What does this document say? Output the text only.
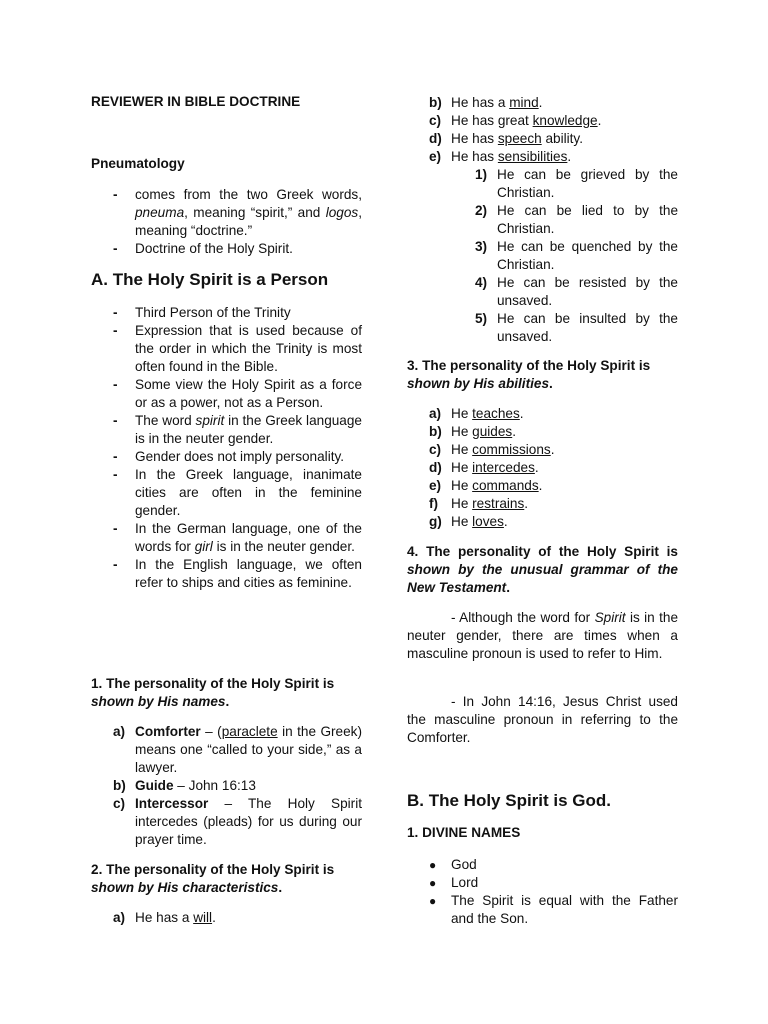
REVIEWER IN BIBLE DOCTRINE

Pneumatology

- comes from the two Greek words, pneuma, meaning “spirit,” and logos, meaning “doctrine.”
- Doctrine of the Holy Spirit.
A. The Holy Spirit is a Person
- Third Person of the Trinity
- Expression that is used because of the order in which the Trinity is most often found in the Bible.
- Some view the Holy Spirit as a force or as a power, not as a Person.
- The word spirit in the Greek language is in the neuter gender.
- Gender does not imply personality.
- In the Greek language, inanimate cities are often in the feminine gender.
- In the German language, one of the words for girl is in the neuter gender.
- In the English language, we often refer to ships and cities as feminine.

1. The personality of the Holy Spirit is shown by His names.

a) Comforter – (paraclete in the Greek) means one “called to your side,” as a lawyer.
b) Guide – John 16:13
c) Intercessor – The Holy Spirit intercedes (pleads) for us during our prayer time.

2. The personality of the Holy Spirit is shown by His characteristics.

a) He has a will.
b) He has a mind.
c) He has great knowledge.
d) He has speech ability.
e) He has sensibilities.
1) He can be grieved by the Christian.
2) He can be lied to by the Christian.
3) He can be quenched by the Christian.
4) He can be resisted by the unsaved.
5) He can be insulted by the unsaved.

3. The personality of the Holy Spirit is shown by His abilities.

a) He teaches.
b) He guides.
c) He commissions.
d) He intercedes.
e) He commands.
f) He restrains.
g) He loves.

4. The personality of the Holy Spirit is shown by the unusual grammar of the New Testament.

- Although the word for Spirit is in the neuter gender, there are times when a masculine pronoun is used to refer to Him.

- In John 14:16, Jesus Christ used the masculine pronoun in referring to the Comforter.

B. The Holy Spirit is God.

1. DIVINE NAMES

● God
● Lord
● The Spirit is equal with the Father and the Son.
